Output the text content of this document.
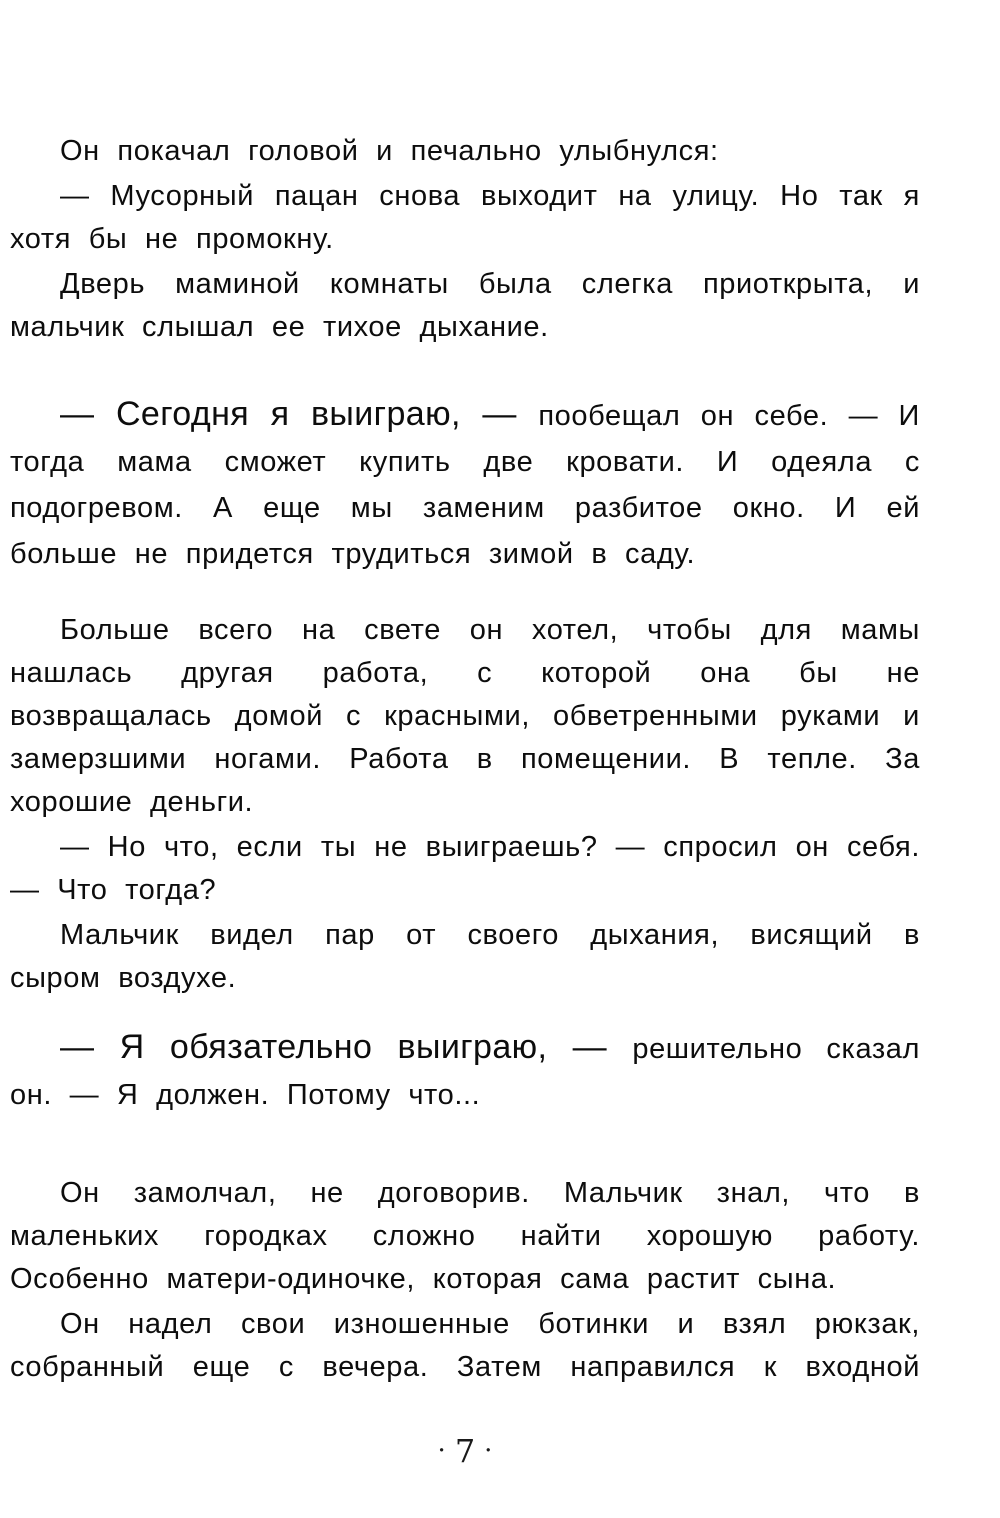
Он покачал головой и печально улыбнулся:

— Мусорный пацан снова выходит на улицу. Но так я хотя бы не промокну.

Дверь маминой комнаты была слегка приоткрыта, и мальчик слышал ее тихое дыхание.

— Сегодня я выиграю, — пообещал он себе. — И тогда мама сможет купить две кровати. И одеяла с подогревом. А еще мы заменим разбитое окно. И ей больше не придется трудиться зимой в саду.

Больше всего на свете он хотел, чтобы для мамы нашлась другая работа, с которой она бы не возвращалась домой с красными, обветренными руками и замерзшими ногами. Работа в помещении. В тепле. За хорошие деньги.

— Но что, если ты не выиграешь? — спросил он себя. — Что тогда?

Мальчик видел пар от своего дыхания, висящий в сыром воздухе.

— Я обязательно выиграю, — решительно сказал он. — Я должен. Потому что...

Он замолчал, не договорив. Мальчик знал, что в маленьких городках сложно найти хорошую работу. Особенно матери-одиночке, которая сама растит сына.

Он надел свои изношенные ботинки и взял рюкзак, собранный еще с вечера. Затем направился к входной

· 7 ·
